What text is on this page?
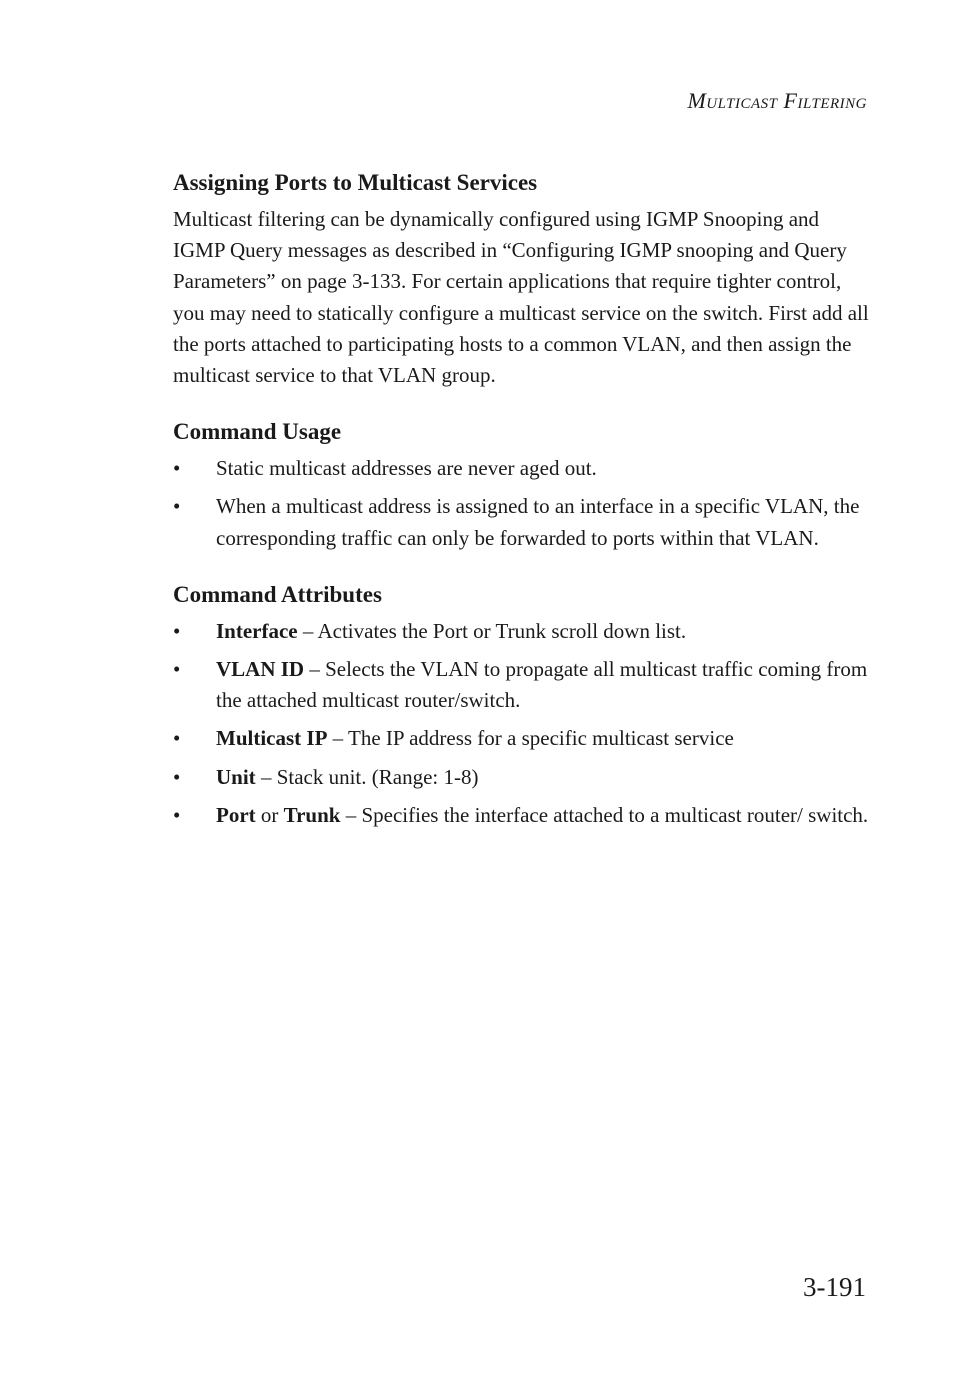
Multicast Filtering
Assigning Ports to Multicast Services

Multicast filtering can be dynamically configured using IGMP Snooping and IGMP Query messages as described in “Configuring IGMP snooping and Query Parameters” on page 3-133. For certain applications that require tighter control, you may need to statically configure a multicast service on the switch. First add all the ports attached to participating hosts to a common VLAN, and then assign the multicast service to that VLAN group.

Command Usage
• Static multicast addresses are never aged out.
• When a multicast address is assigned to an interface in a specific VLAN, the corresponding traffic can only be forwarded to ports within that VLAN.
Command Attributes
• Interface – Activates the Port or Trunk scroll down list.
• VLAN ID – Selects the VLAN to propagate all multicast traffic coming from the attached multicast router/switch.
• Multicast IP – The IP address for a specific multicast service
• Unit – Stack unit. (Range: 1-8)
• Port or Trunk – Specifies the interface attached to a multicast router/ switch.
3-191
